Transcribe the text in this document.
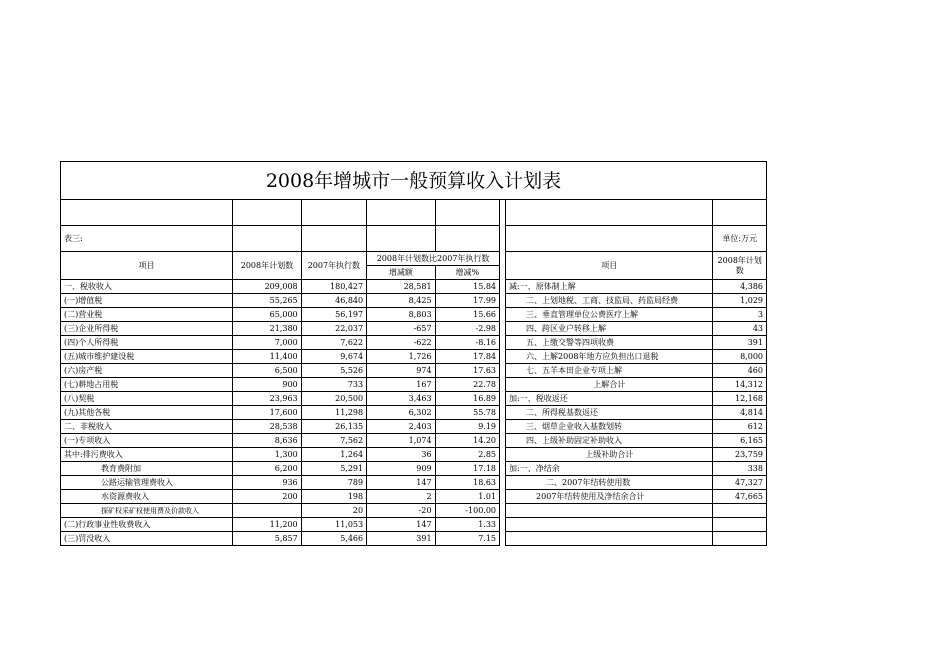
2008年增城市一般预算收入计划表							

表三:							单位:万元
项目	2008年计划数	2007年执行数	2008年计划数比2007年执行数			项目	2008年计划数
			增减额	增减%			
一、税收收入	209,008	180,427	28,581	15.84		减:一、原体制上解	4,386
(一)增值税	55,265	46,840	8,425	17.99		二、上划地税、工商、技监局、药监局经费	1,029
(二)营业税	65,000	56,197	8,803	15.66		三、垂直管理单位公费医疗上解	3
(三)企业所得税	21,380	22,037	-657	-2.98		四、跨区业户转移上解	43
(四)个人所得税	7,000	7,622	-622	-8.16		五、上缴交警等四项收费	391
(五)城市维护建设税	11,400	9,674	1,726	17.84		六、上解2008年地方应负担出口退税	8,000
(六)房产税	6,500	5,526	974	17.63		七、五羊本田企业专项上解	460
(七)耕地占用税	900	733	167	22.78		上解合计	14,312
(八)契税	23,963	20,500	3,463	16.89		加:一、税收返还	12,168
(九)其他各税	17,600	11,298	6,302	55.78		二、所得税基数返还	4,814
二、非税收入	28,538	26,135	2,403	9.19		三、烟草企业收入基数划转	612
(一)专项收入	8,636	7,562	1,074	14.20		四、上级补助固定补助收入	6,165
其中:排污费收入	1,300	1,264	36	2.85		上级补助合计	23,759
教育费附加	6,200	5,291	909	17.18		加:一、净结余	338
公路运输管理费收入	936	789	147	18.63		二、2007年结转使用数	47,327
水资源费收入	200	198	2	1.01		2007年结转使用及净结余合计	47,665
探矿权采矿权使用费及价款收入		20	-20	-100.00			
(二)行政事业性收费收入	11,200	11,053	147	1.33			
(三)罚没收入	5,857	5,466	391	7.15			
